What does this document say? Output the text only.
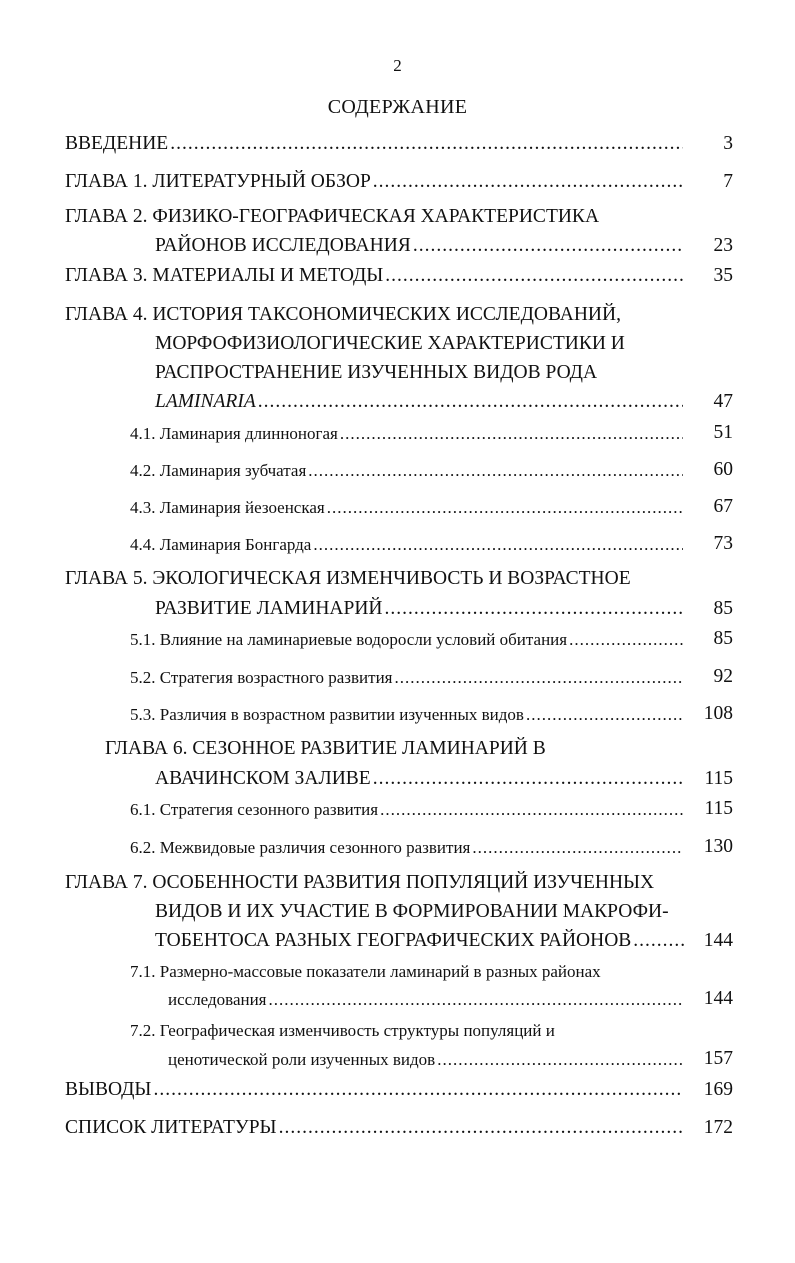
2
СОДЕРЖАНИЕ
ВВЕДЕНИЕ .....	3
ГЛАВА 1. ЛИТЕРАТУРНЫЙ ОБЗОР .....	7
ГЛАВА 2. ФИЗИКО-ГЕОГРАФИЧЕСКАЯ ХАРАКТЕРИСТИКА
РАЙОНОВ ИССЛЕДОВАНИЯ .....	23
ГЛАВА 3. МАТЕРИАЛЫ И МЕТОДЫ .....	35
ГЛАВА 4. ИСТОРИЯ ТАКСОНОМИЧЕСКИХ ИССЛЕДОВАНИЙ,
МОРФОФИЗИОЛОГИЧЕСКИЕ ХАРАКТЕРИСТИКИ И
РАСПРОСТРАНЕНИЕ ИЗУЧЕННЫХ ВИДОВ РОДА
LAMINARIA .....	47
4.1. Ламинария длинноногая .....	51
4.2. Ламинария зубчатая .....	60
4.3. Ламинария йезоенская .....	67
4.4. Ламинария Бонгарда .....	73
ГЛАВА 5. ЭКОЛОГИЧЕСКАЯ ИЗМЕНЧИВОСТЬ И ВОЗРАСТНОЕ
РАЗВИТИЕ ЛАМИНАРИЙ .....	85
5.1. Влияние на ламинариевые водоросли условий обитания .....	85
5.2. Стратегия возрастного развития .....	92
5.3. Различия в возрастном развитии изученных видов .....	108
ГЛАВА 6. СЕЗОННОЕ РАЗВИТИЕ ЛАМИНАРИЙ В
АВАЧИНСКОМ ЗАЛИВЕ .....	115
6.1. Стратегия сезонного развития .....	115
6.2. Межвидовые различия сезонного развития .....	130
ГЛАВА 7. ОСОБЕННОСТИ РАЗВИТИЯ ПОПУЛЯЦИЙ ИЗУЧЕННЫХ
ВИДОВ И ИХ УЧАСТИЕ В ФОРМИРОВАНИИ МАКРОФИ-
ТОБЕНТОСА РАЗНЫХ ГЕОГРАФИЧЕСКИХ РАЙОНОВ .....	144
7.1. Размерно-массовые показатели ламинарий в разных районах
исследования .....	144
7.2. Географическая изменчивость структуры популяций и
ценотической роли изученных видов .....	157
ВЫВОДЫ .....	169
СПИСОК ЛИТЕРАТУРЫ .....	172
